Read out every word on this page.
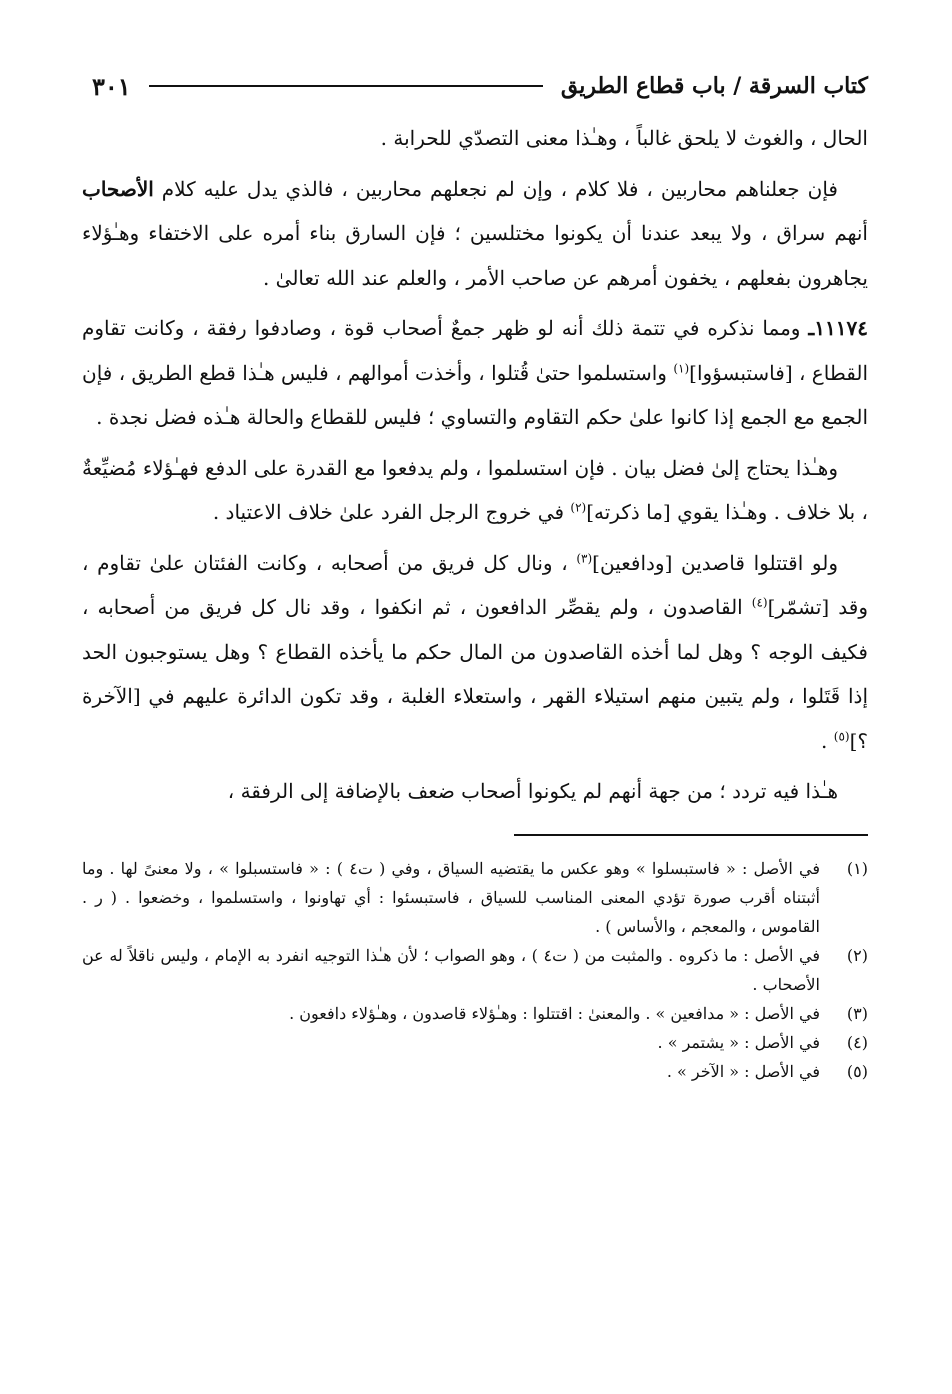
كتاب السرقة / باب قطاع الطريق
٣٠١

الحال ، والغوث لا يلحق غالباً ، وهـٰذا معنى التصدّي للحرابة .

فإن جعلناهم محاربين ، فلا كلام ، وإن لم نجعلهم محاربين ، فالذي يدل عليه كلام الأصحاب أنهم سراق ، ولا يبعد عندنا أن يكونوا مختلسين ؛ فإن السارق بناء أمره على الاختفاء وهـٰؤلاء يجاهرون بفعلهم ، يخفون أمرهم عن صاحب الأمر ، والعلم عند الله تعالىٰ .

١١١٧٤ـ ومما نذكره في تتمة ذلك أنه لو ظهر جمعٌ أصحاب قوة ، وصادفوا رفقة ، وكانت تقاوم القطاع ، [فاستبسؤوا]$^{(١)}$ واستسلموا حتىٰ قُتلوا ، وأخذت أموالهم ، فليس هـٰذا قطع الطريق ، فإن الجمع مع الجمع إذا كانوا علىٰ حكم التقاوم والتساوي ؛ فليس للقطاع والحالة هـٰذه فضل نجدة .

وهـٰذا يحتاج إلىٰ فضل بيان . فإن استسلموا ، ولم يدفعوا مع القدرة على الدفع فهـٰؤلاء مُضيِّعةٌ ، بلا خلاف . وهـٰذا يقوي [ما ذكرته]$^{(٢)}$ في خروج الرجل الفرد علىٰ خلاف الاعتياد .

ولو اقتتلوا قاصدين [ودافعين]$^{(٣)}$ ، ونال كل فريق من أصحابه ، وكانت الفئتان علىٰ تقاوم ، وقد [تشمّر]$^{(٤)}$ القاصدون ، ولم يقصِّر الدافعون ، ثم انكفوا ، وقد نال كل فريق من أصحابه ، فكيف الوجه ؟ وهل لما أخذه القاصدون من المال حكم ما يأخذه القطاع ؟ وهل يستوجبون الحد إذا قَتَلوا ، ولم يتبين منهم استيلاء القهر ، واستعلاء الغلبة ، وقد تكون الدائرة عليهم في [الآخرة ؟]$^{(٥)}$ .

هـٰذا فيه تردد ؛ من جهة أنهم لم يكونوا أصحاب ضعف بالإضافة إلى الرفقة ،

(١)
في الأصل : « فاستبسلوا » وهو عكس ما يقتضيه السياق ، وفي ( ت٤ ) : « فاستسبلوا » ، ولا معنىً لها . وما أثبتناه أقرب صورة تؤدي المعنى المناسب للسياق ، فاستبسئوا : أي تهاونوا ، واستسلموا ، وخضعوا . ( ر . القاموس ، والمعجم ، والأساس ) .
(٢)
في الأصل : ما ذكروه . والمثبت من ( ت٤ ) ، وهو الصواب ؛ لأن هـٰذا التوجيه انفرد به الإمام ، وليس ناقلاً له عن الأصحاب .
(٣)
في الأصل : « مدافعين » . والمعنىٰ : اقتتلوا : وهـٰؤلاء قاصدون ، وهـٰؤلاء دافعون .
(٤)
في الأصل : « يشتمر » .
(٥)
في الأصل : « الآخر » .
